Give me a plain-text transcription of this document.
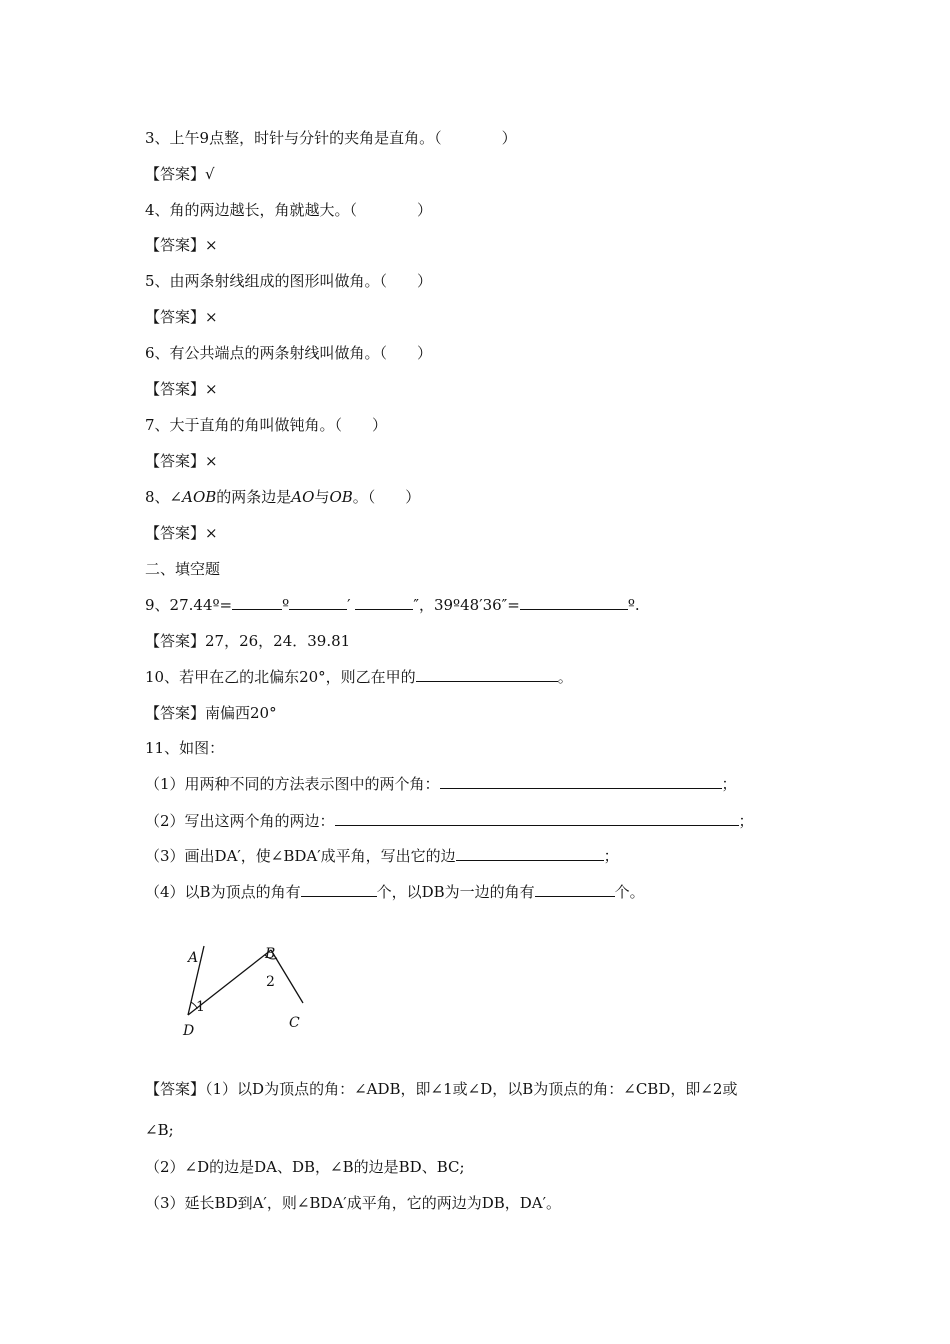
3、上午9点整，时针与分针的夹角是直角。（　　　　）
【答案】√
4、角的两边越长，角就越大。（　　　　）
【答案】×
5、由两条射线组成的图形叫做角。（　　）
【答案】×
6、有公共端点的两条射线叫做角。（　　）
【答案】×
7、大于直角的角叫做钝角。（　　）
【答案】×
8、∠AOB的两条边是AO与OB。（　　）
【答案】×
二、填空题
9、27.44º=	º	′	″，39º48′36″=	º.
【答案】27，26，24．39.81
10、若甲在乙的北偏东20°，则乙在甲的	。
【答案】南偏西20°
11、如图：
（1）用两种不同的方法表示图中的两个角：	；
（2）写出这两个角的两边：	；
（3）画出DA′，使∠BDA′成平角，写出它的边	；
（4）以B为顶点的角有	个，以DB为一边的角有	个。
A	B
C
D
1
2
【答案】（1）以D为顶点的角：∠ADB，即∠1或∠D，以B为顶点的角：∠CBD，即∠2或
∠B;
（2）∠D的边是DA、DB，∠B的边是BD、BC;
（3）延长BD到A′，则∠BDA′成平角，它的两边为DB，DA′。
